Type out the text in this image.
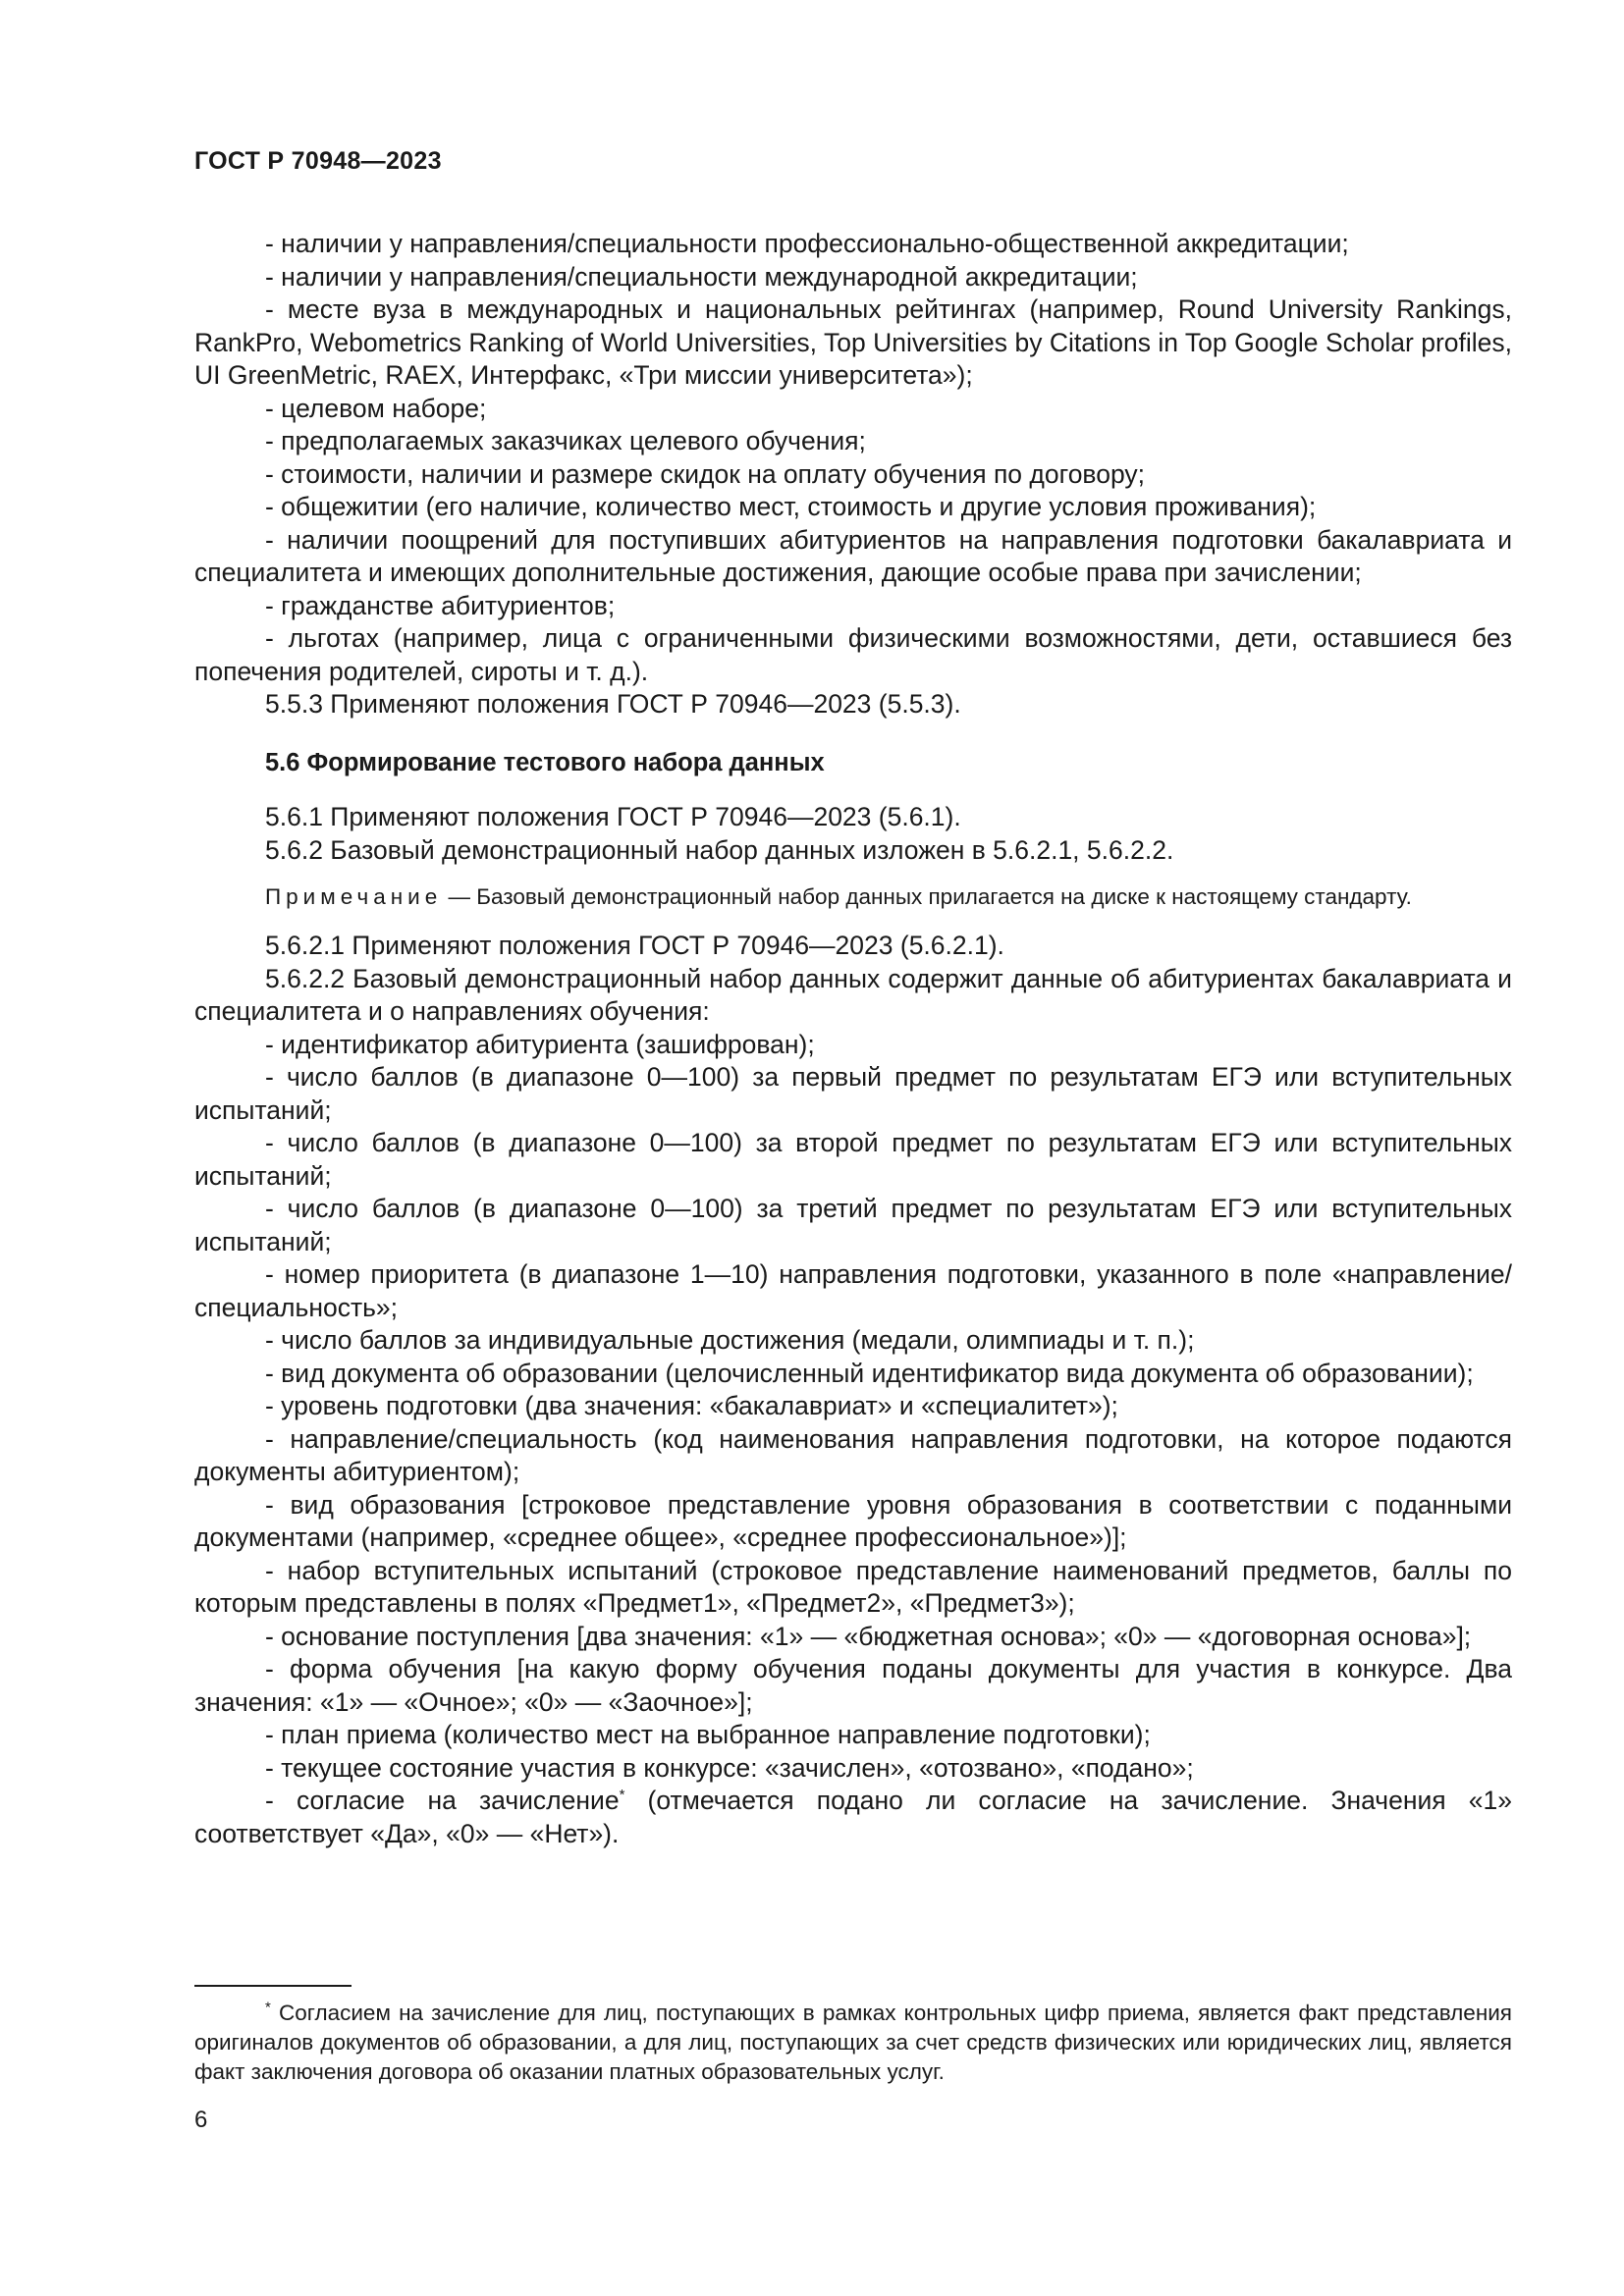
ГОСТ Р 70948—2023

- наличии у направления/специальности профессионально-общественной аккредитации;

- наличии у направления/специальности международной аккредитации;

- месте вуза в международных и национальных рейтингах (например, Round University Rankings, RankPro, Webometrics Ranking of World Universities, Top Universities by Citations in Top Google Scholar profiles, UI GreenMetric, RAEX, Интерфакс, «Три миссии университета»);

- целевом наборе;

- предполагаемых заказчиках целевого обучения;

- стоимости, наличии и размере скидок на оплату обучения по договору;

- общежитии (его наличие, количество мест, стоимость и другие условия проживания);

- наличии поощрений для поступивших абитуриентов на направления подготовки бакалавриата и специалитета и имеющих дополнительные достижения, дающие особые права при зачислении;

- гражданстве абитуриентов;

- льготах (например, лица с ограниченными физическими возможностями, дети, оставшиеся без попечения родителей, сироты и т. д.).

5.5.3 Применяют положения ГОСТ Р 70946—2023 (5.5.3).

5.6 Формирование тестового набора данных

5.6.1 Применяют положения ГОСТ Р 70946—2023 (5.6.1).

5.6.2 Базовый демонстрационный набор данных изложен в 5.6.2.1, 5.6.2.2.

Примечание — Базовый демонстрационный набор данных прилагается на диске к настоящему стандарту.

5.6.2.1 Применяют положения ГОСТ Р 70946—2023 (5.6.2.1).

5.6.2.2 Базовый демонстрационный набор данных содержит данные об абитуриентах бакалавриата и специалитета и о направлениях обучения:

- идентификатор абитуриента (зашифрован);

- число баллов (в диапазоне 0—100) за первый предмет по результатам ЕГЭ или вступительных испытаний;

- число баллов (в диапазоне 0—100) за второй предмет по результатам ЕГЭ или вступительных испытаний;

- число баллов (в диапазоне 0—100) за третий предмет по результатам ЕГЭ или вступительных испытаний;

- номер приоритета (в диапазоне 1—10) направления подготовки, указанного в поле «направление/специальность»;

- число баллов за индивидуальные достижения (медали, олимпиады и т. п.);

- вид документа об образовании (целочисленный идентификатор вида документа об образовании);

- уровень подготовки (два значения: «бакалавриат» и «специалитет»);

- направление/специальность (код наименования направления подготовки, на которое подаются документы абитуриентом);

- вид образования [строковое представление уровня образования в соответствии с поданными документами (например, «среднее общее», «среднее профессиональное»)];

- набор вступительных испытаний (строковое представление наименований предметов, баллы по которым представлены в полях «Предмет1», «Предмет2», «Предмет3»);

- основание поступления [два значения: «1» — «бюджетная основа»; «0» — «договорная основа»];

- форма обучения [на какую форму обучения поданы документы для участия в конкурсе. Два значения: «1» — «Очное»; «0» — «Заочное»];

- план приема (количество мест на выбранное направление подготовки);

- текущее состояние участия в конкурсе: «зачислен», «отозвано», «подано»;

- согласие на зачисление* (отмечается подано ли согласие на зачисление. Значения «1» соответствует «Да», «0» — «Нет»).

* Согласием на зачисление для лиц, поступающих в рамках контрольных цифр приема, является факт представления оригиналов документов об образовании, а для лиц, поступающих за счет средств физических или юридических лиц, является факт заключения договора об оказании платных образовательных услуг.
6
